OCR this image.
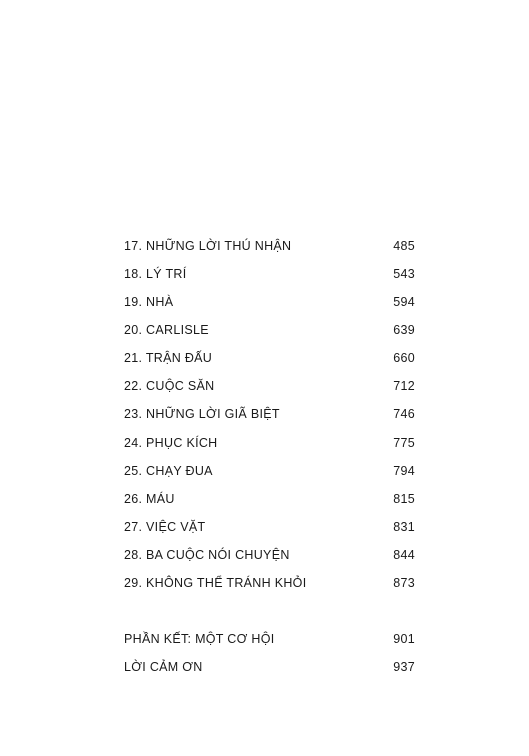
17. NHỮNG LỜI THÚ NHẬN	485
18. LÝ TRÍ	543
19. NHÀ	594
20. CARLISLE	639
21. TRẬN ĐẤU	660
22. CUỘC SĂN	712
23. NHỮNG LỜI GIÃ BIỆT	746
24. PHỤC KÍCH	775
25. CHẠY ĐUA	794
26. MÁU	815
27. VIỆC VẶT	831
28. BA CUỘC NÓI CHUYỆN	844
29. KHÔNG THỂ TRÁNH KHỎI	873
PHẦN KẾT: MỘT CƠ HỘI	901
LỜI CẢM ƠN	937
